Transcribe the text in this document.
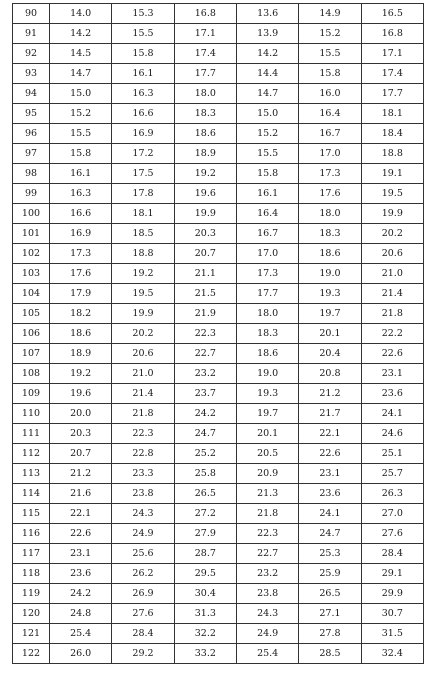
90	14.0	15.3	16.8	13.6	14.9	16.5
91	14.2	15.5	17.1	13.9	15.2	16.8
92	14.5	15.8	17.4	14.2	15.5	17.1
93	14.7	16.1	17.7	14.4	15.8	17.4
94	15.0	16.3	18.0	14.7	16.0	17.7
95	15.2	16.6	18.3	15.0	16.4	18.1
96	15.5	16.9	18.6	15.2	16.7	18.4
97	15.8	17.2	18.9	15.5	17.0	18.8
98	16.1	17.5	19.2	15.8	17.3	19.1
99	16.3	17.8	19.6	16.1	17.6	19.5
100	16.6	18.1	19.9	16.4	18.0	19.9
101	16.9	18.5	20.3	16.7	18.3	20.2
102	17.3	18.8	20.7	17.0	18.6	20.6
103	17.6	19.2	21.1	17.3	19.0	21.0
104	17.9	19.5	21.5	17.7	19.3	21.4
105	18.2	19.9	21.9	18.0	19.7	21.8
106	18.6	20.2	22.3	18.3	20.1	22.2
107	18.9	20.6	22.7	18.6	20.4	22.6
108	19.2	21.0	23.2	19.0	20.8	23.1
109	19.6	21.4	23.7	19.3	21.2	23.6
110	20.0	21.8	24.2	19.7	21.7	24.1
111	20.3	22.3	24.7	20.1	22.1	24.6
112	20.7	22.8	25.2	20.5	22.6	25.1
113	21.2	23.3	25.8	20.9	23.1	25.7
114	21.6	23.8	26.5	21.3	23.6	26.3
115	22.1	24.3	27.2	21.8	24.1	27.0
116	22.6	24.9	27.9	22.3	24.7	27.6
117	23.1	25.6	28.7	22.7	25.3	28.4
118	23.6	26.2	29.5	23.2	25.9	29.1
119	24.2	26.9	30.4	23.8	26.5	29.9
120	24.8	27.6	31.3	24.3	27.1	30.7
121	25.4	28.4	32.2	24.9	27.8	31.5
122	26.0	29.2	33.2	25.4	28.5	32.4
